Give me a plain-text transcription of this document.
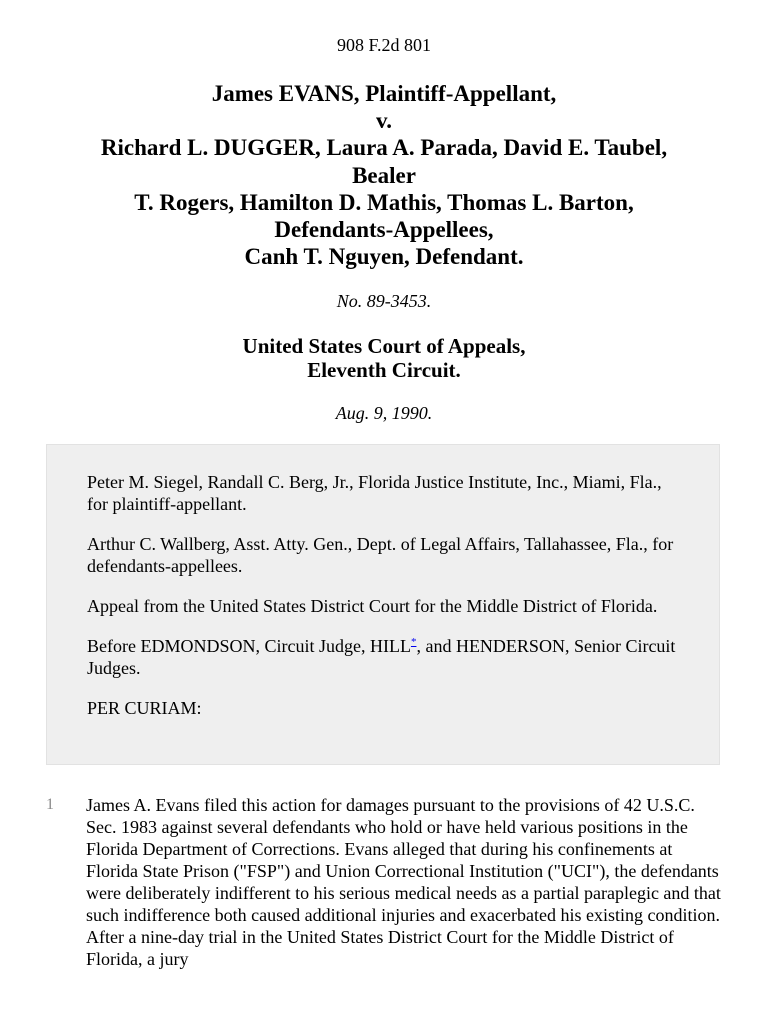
908 F.2d 801
James EVANS, Plaintiff-Appellant,
v.
Richard L. DUGGER, Laura A. Parada, David E. Taubel,
Bealer
T. Rogers, Hamilton D. Mathis, Thomas L. Barton,
Defendants-Appellees,
Canh T. Nguyen, Defendant.
No. 89-3453.
United States Court of Appeals,
Eleventh Circuit.
Aug. 9, 1990.

Peter M. Siegel, Randall C. Berg, Jr., Florida Justice Institute, Inc., Miami, Fla., for plaintiff-appellant.

Arthur C. Wallberg, Asst. Atty. Gen., Dept. of Legal Affairs, Tallahassee, Fla., for defendants-appellees.

Appeal from the United States District Court for the Middle District of Florida.

Before EDMONDSON, Circuit Judge, HILL*, and HENDERSON, Senior Circuit Judges.

PER CURIAM:

1 James A. Evans filed this action for damages pursuant to the provisions of 42 U.S.C. Sec. 1983 against several defendants who hold or have held various positions in the Florida Department of Corrections. Evans alleged that during his confinements at Florida State Prison ("FSP") and Union Correctional Institution ("UCI"), the defendants were deliberately indifferent to his serious medical needs as a partial paraplegic and that such indifference both caused additional injuries and exacerbated his existing condition. After a nine-day trial in the United States District Court for the Middle District of Florida, a jury
